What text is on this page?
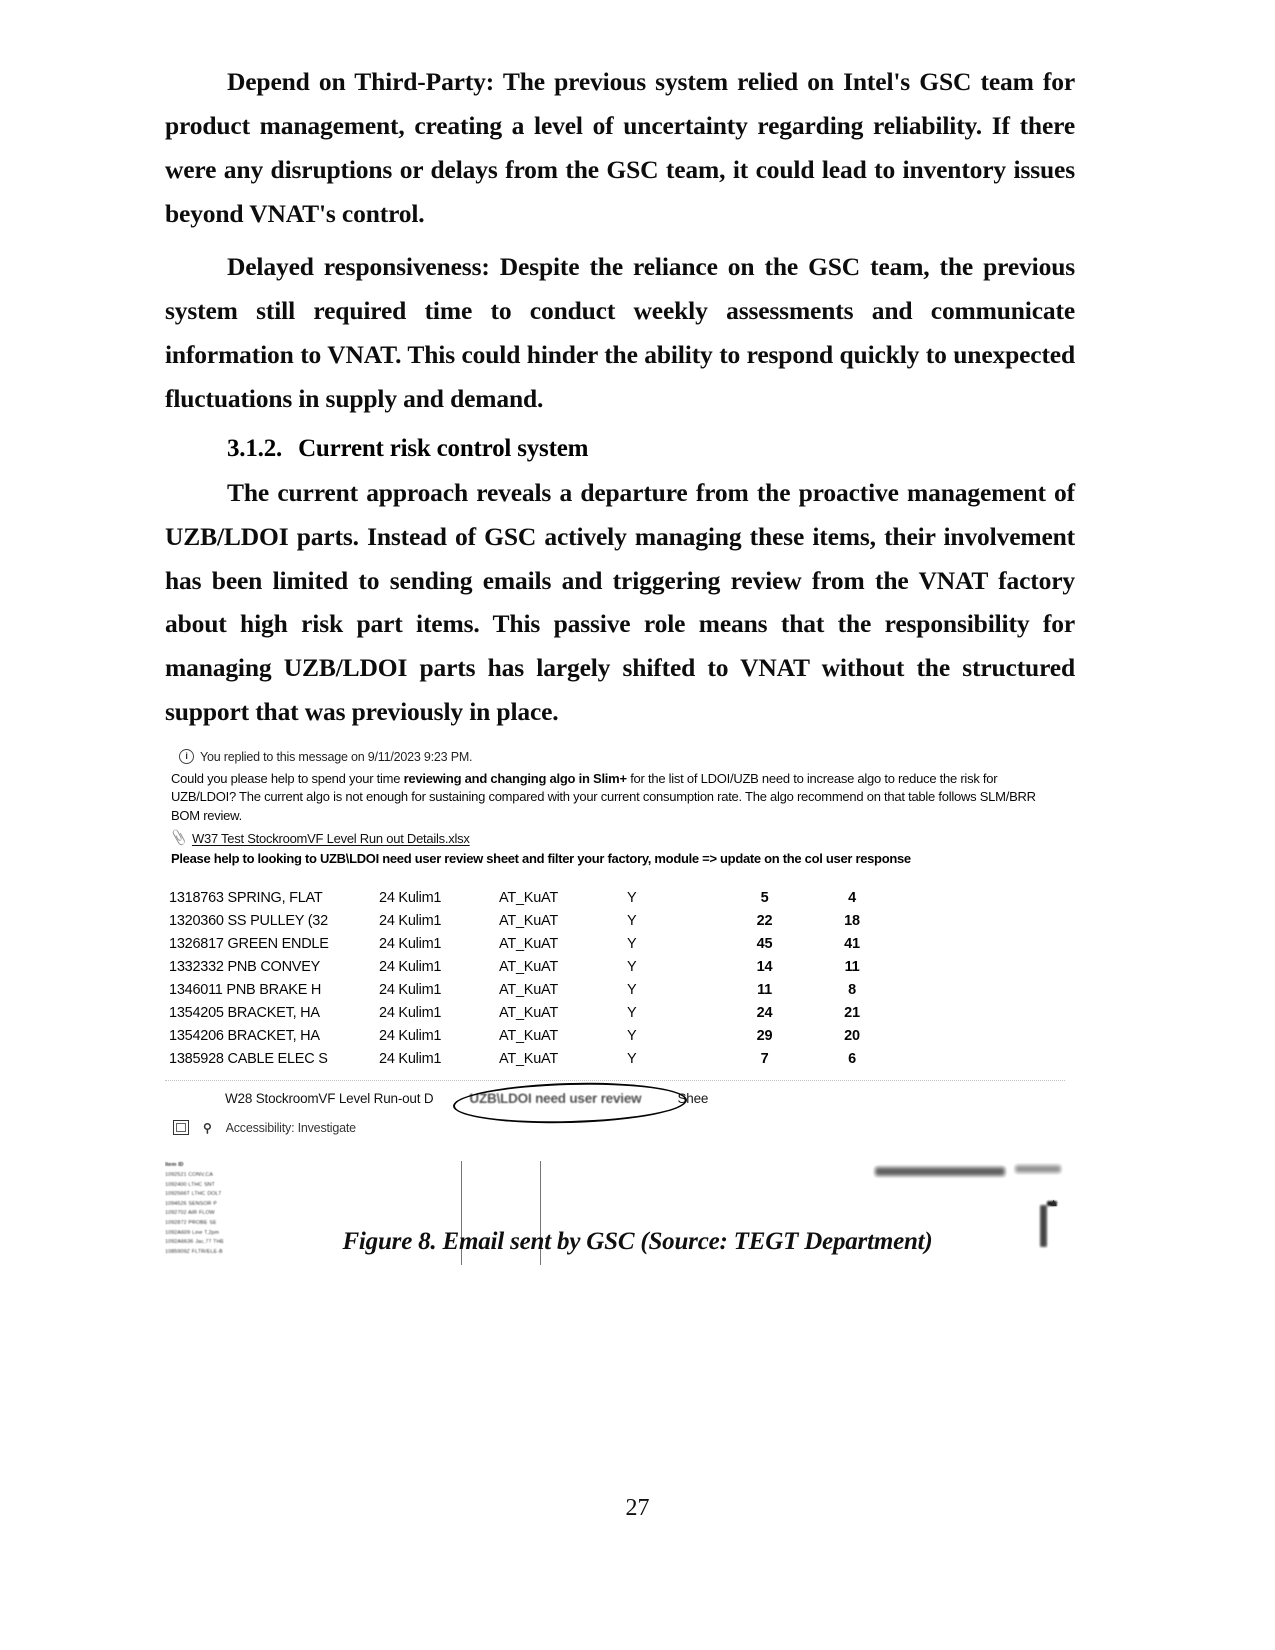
Depend on Third-Party: The previous system relied on Intel's GSC team for product management, creating a level of uncertainty regarding reliability. If there were any disruptions or delays from the GSC team, it could lead to inventory issues beyond VNAT's control.

Delayed responsiveness: Despite the reliance on the GSC team, the previous system still required time to conduct weekly assessments and communicate information to VNAT. This could hinder the ability to respond quickly to unexpected fluctuations in supply and demand.

3.1.2. Current risk control system

The current approach reveals a departure from the proactive management of UZB/LDOI parts. Instead of GSC actively managing these items, their involvement has been limited to sending emails and triggering review from the VNAT factory about high risk part items. This passive role means that the responsibility for managing UZB/LDOI parts has largely shifted to VNAT without the structured support that was previously in place.

i You replied to this message on 9/11/2023 9:23 PM.
Could you please help to spend your time reviewing and changing algo in Slim+ for the list of LDOI/UZB need to increase algo to reduce the risk for UZB/LDOI? The current algo is not enough for sustaining compared with your current consumption rate. The algo recommend on that table follows SLM/BRR BOM review.
📎 W37 Test StockroomVF Level Run out Details.xlsx
Please help to looking to UZB\LDOI need user review sheet and filter your factory, module => update on the col user response
1318763 SPRING, FLAT	24 Kulim1	AT_KuAT	Y	5	4
1320360 SS PULLEY (32	24 Kulim1	AT_KuAT	Y	22	18
1326817 GREEN ENDLE	24 Kulim1	AT_KuAT	Y	45	41
1332332 PNB CONVEY	24 Kulim1	AT_KuAT	Y	14	11
1346011 PNB BRAKE H	24 Kulim1	AT_KuAT	Y	11	8
1354205 BRACKET, HA	24 Kulim1	AT_KuAT	Y	24	21
1354206 BRACKET, HA	24 Kulim1	AT_KuAT	Y	29	20
1385928 CABLE ELEC S	24 Kulim1	AT_KuAT	Y	7	6
W28 StockroomVF Level Run-out D	UZB\LDOI need user review	Shee
⚲ Accessibility: Investigate
▲
Item ID
1092521 CONV,CA
1092400 LTHC SNT
1092566T LTHC DOLT
1094526 SENSOR P
1092702 AIR FLOW
1092872 PROBE SE
1092A609 Line T,2pm
1092A6636 Jac,77 THE
1085909Z FLTR/ELE-B	Figure 8. Email sent by GSC (Source: TEGT Department)
27
